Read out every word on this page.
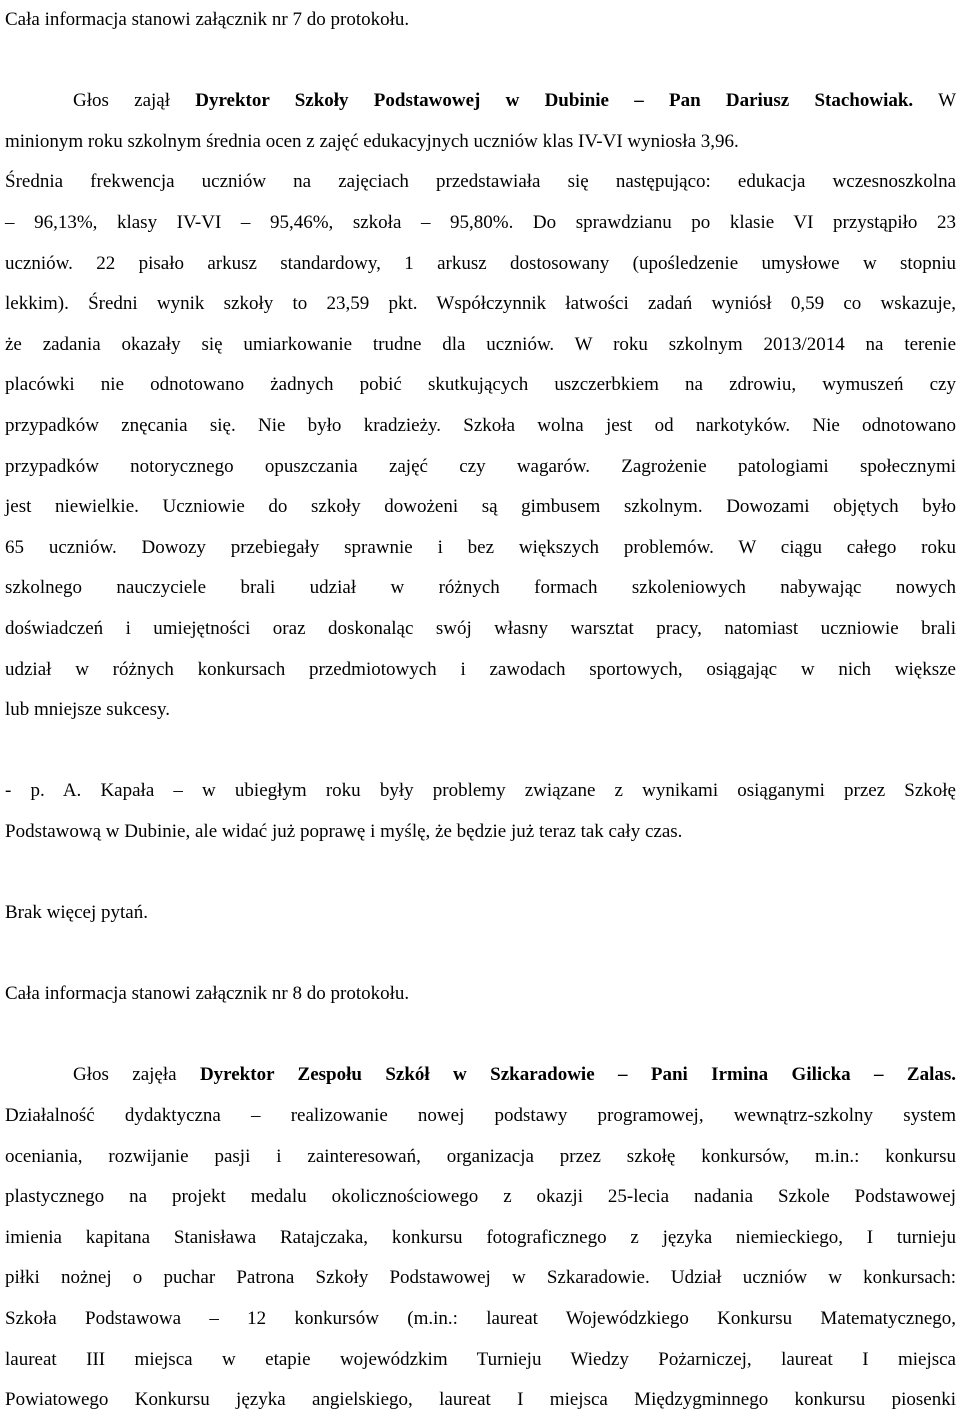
Cała informacja stanowi załącznik nr 7 do protokołu.
Głos zajął Dyrektor Szkoły Podstawowej w Dubinie – Pan Dariusz Stachowiak. W
minionym roku szkolnym średnia ocen z zajęć edukacyjnych uczniów klas IV-VI wyniosła 3,96.
Średnia frekwencja uczniów na zajęciach przedstawiała się następująco: edukacja wczesnoszkolna
– 96,13%, klasy IV-VI – 95,46%, szkoła – 95,80%. Do sprawdzianu po klasie VI przystąpiło 23
uczniów. 22 pisało arkusz standardowy, 1 arkusz dostosowany (upośledzenie umysłowe w stopniu
lekkim). Średni wynik szkoły to 23,59 pkt. Współczynnik łatwości zadań wyniósł 0,59 co wskazuje,
że zadania okazały się umiarkowanie trudne dla uczniów. W roku szkolnym 2013/2014 na terenie
placówki nie odnotowano żadnych pobić skutkujących uszczerbkiem na zdrowiu, wymuszeń czy
przypadków znęcania się. Nie było kradzieży. Szkoła wolna jest od narkotyków. Nie odnotowano
przypadków notorycznego opuszczania zajęć czy wagarów. Zagrożenie patologiami społecznymi
jest niewielkie. Uczniowie do szkoły dowożeni są gimbusem szkolnym. Dowozami objętych było
65 uczniów. Dowozy przebiegały sprawnie i bez większych problemów. W ciągu całego roku
szkolnego nauczyciele brali udział w różnych formach szkoleniowych nabywając nowych
doświadczeń i umiejętności oraz doskonaląc swój własny warsztat pracy, natomiast uczniowie brali
udział w różnych konkursach przedmiotowych i zawodach sportowych, osiągając w nich większe
lub mniejsze sukcesy.
- p. A. Kapała – w ubiegłym roku były problemy związane z wynikami osiąganymi przez Szkołę
Podstawową w Dubinie, ale widać już poprawę i myślę, że będzie już teraz tak cały czas.
Brak więcej pytań.
Cała informacja stanowi załącznik nr 8 do protokołu.
Głos zajęła Dyrektor Zespołu Szkół w Szkaradowie – Pani Irmina Gilicka – Zalas.
Działalność dydaktyczna – realizowanie nowej podstawy programowej, wewnątrz-szkolny system
oceniania, rozwijanie pasji i zainteresowań, organizacja przez szkołę konkursów, m.in.: konkursu
plastycznego na projekt medalu okolicznościowego z okazji 25-lecia nadania Szkole Podstawowej
imienia kapitana Stanisława Ratajczaka, konkursu fotograficznego z języka niemieckiego, I turnieju
piłki nożnej o puchar Patrona Szkoły Podstawowej w Szkaradowie. Udział uczniów w konkursach:
Szkoła Podstawowa – 12 konkursów (m.in.: laureat Wojewódzkiego Konkursu Matematycznego,
laureat III miejsca w etapie wojewódzkim Turnieju Wiedzy Pożarniczej, laureat I miejsca
Powiatowego Konkursu języka angielskiego, laureat I miejsca Międzygminnego konkursu piosenki
